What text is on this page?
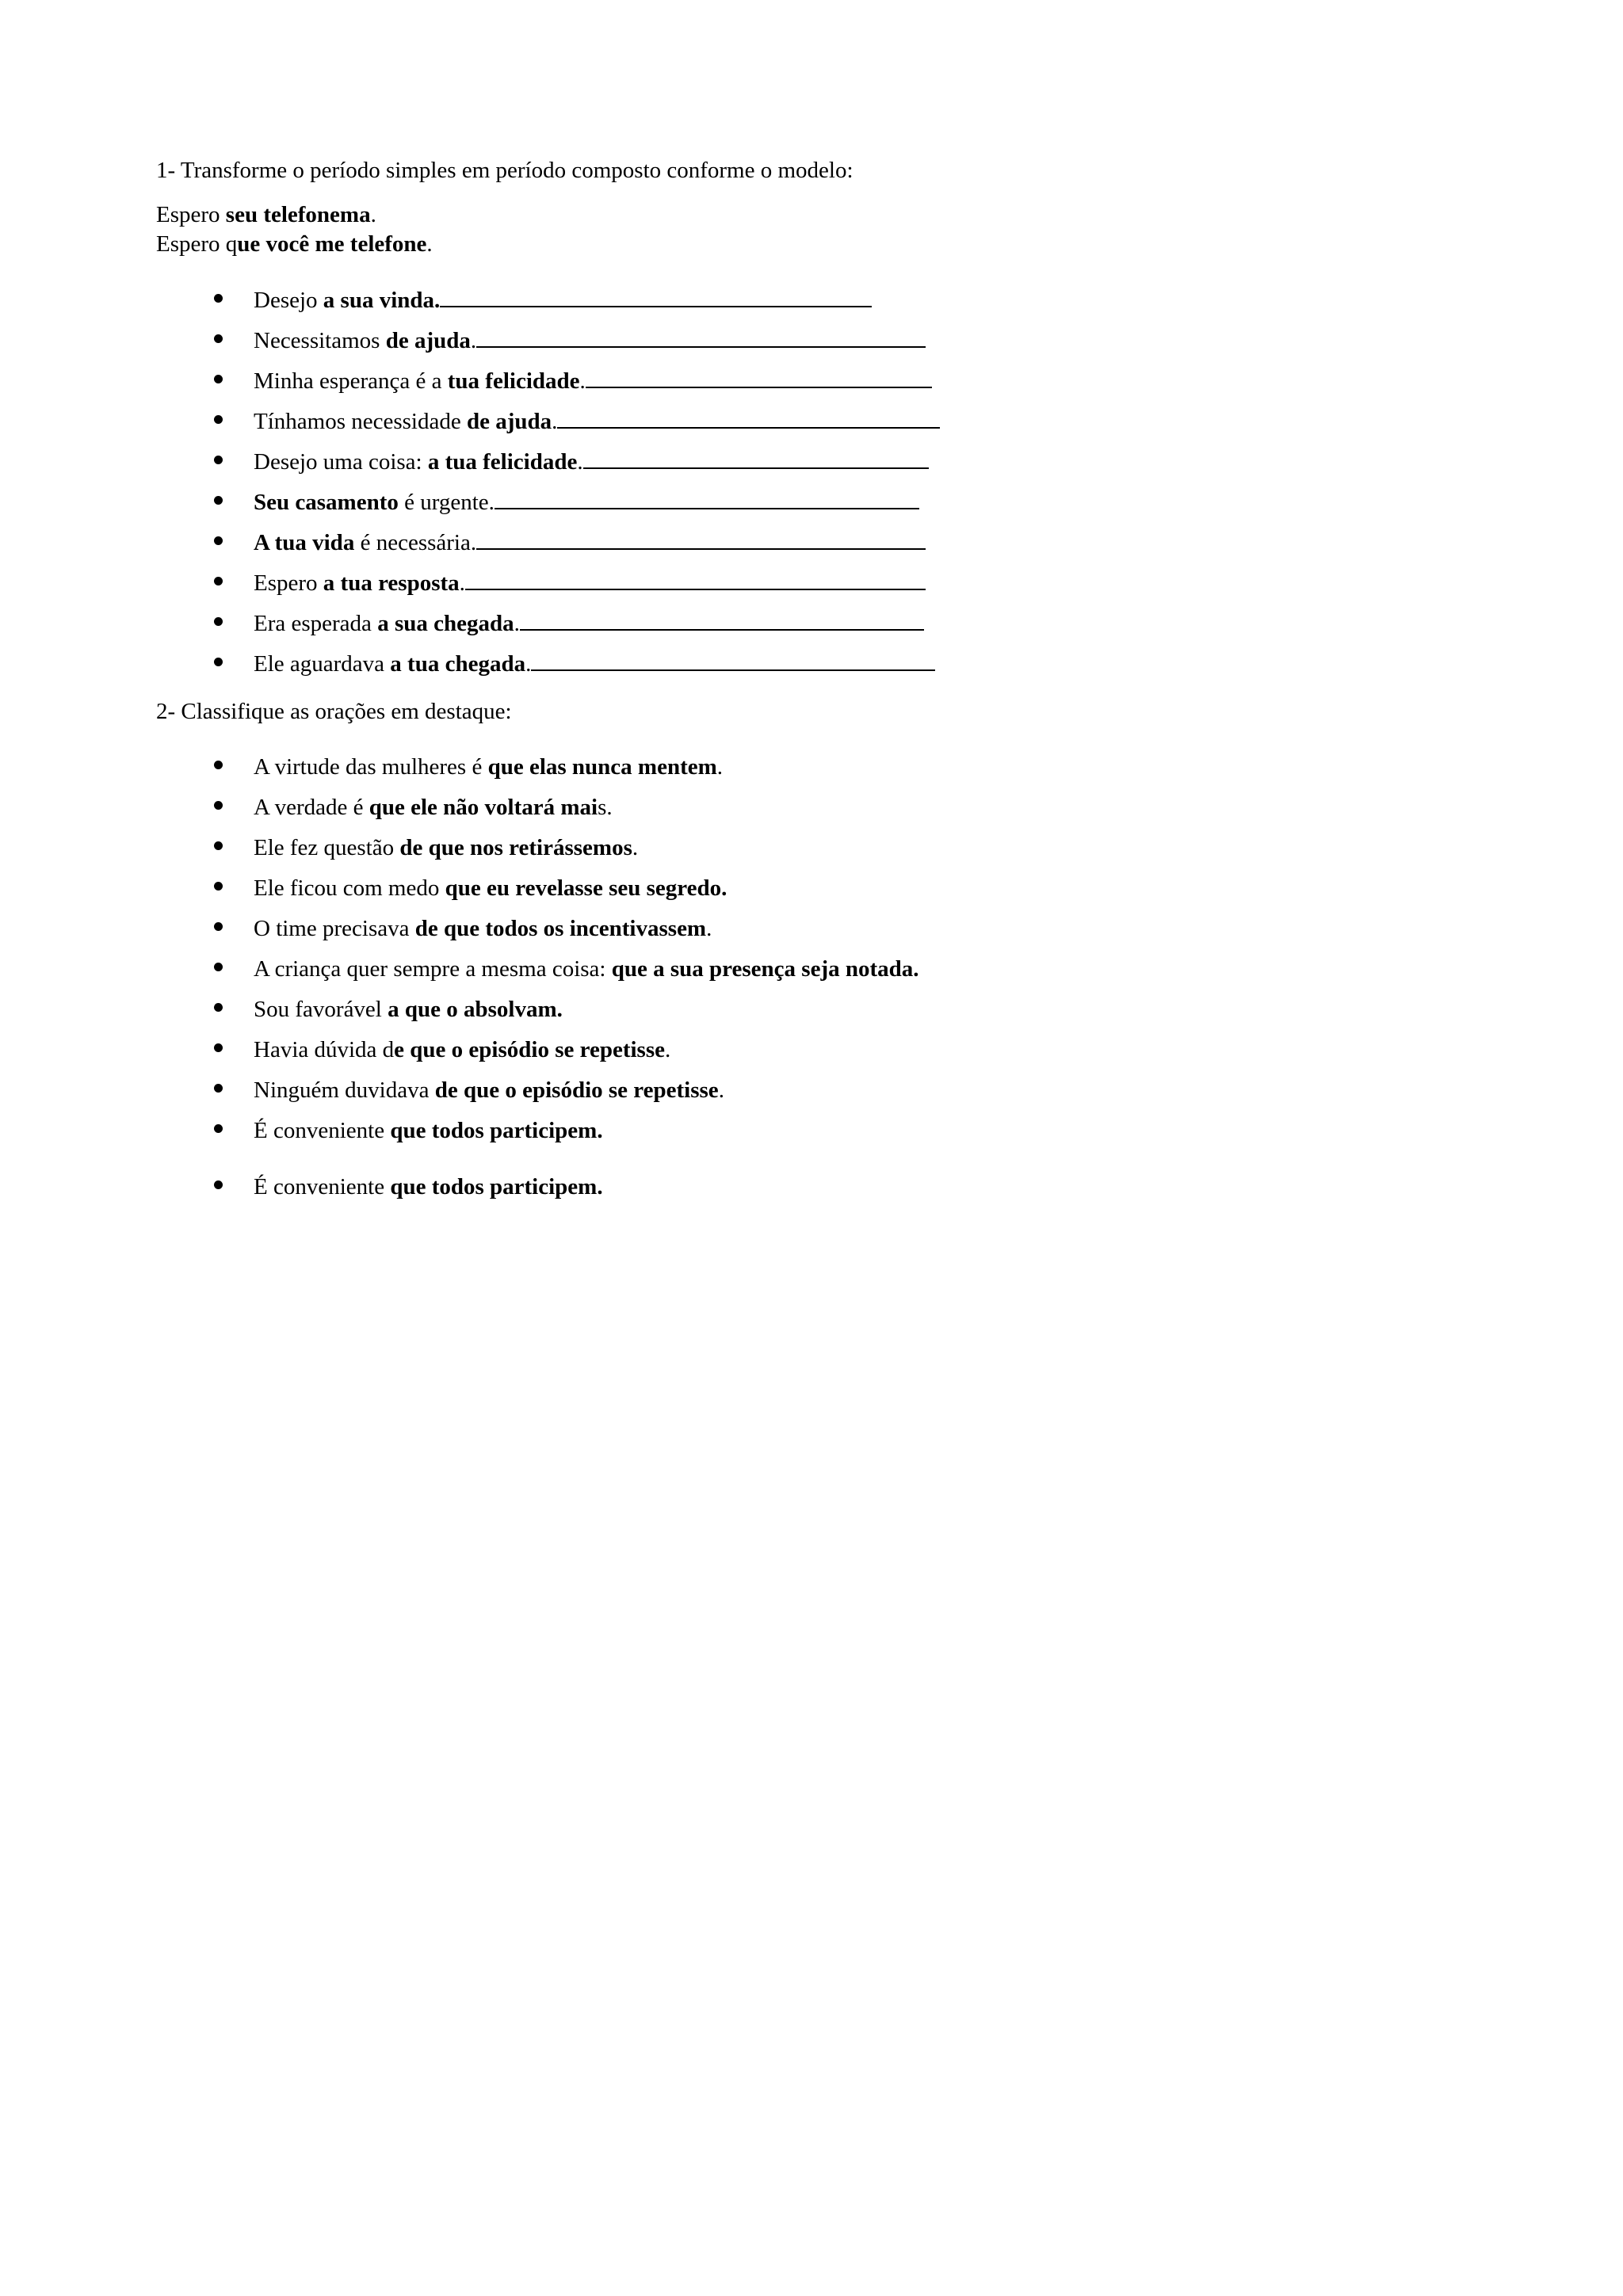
1- Transforme o período simples em período composto conforme o modelo:
Espero seu telefonema.
Espero que você me telefone.
Desejo a sua vinda.
Necessitamos de ajuda.
Minha esperança é a tua felicidade.
Tínhamos necessidade de ajuda.
Desejo uma coisa: a tua felicidade.
Seu casamento é urgente.
A tua vida é necessária.
Espero a tua resposta.
Era esperada a sua chegada.
Ele aguardava a tua chegada.
2- Classifique as orações em destaque:
A virtude das mulheres é que elas nunca mentem.
A verdade é que ele não voltará mais.
Ele fez questão de que nos retirássemos.
Ele ficou com medo que eu revelasse seu segredo.
O time precisava de que todos os incentivassem.
A criança quer sempre a mesma coisa: que a sua presença seja notada.
Sou favorável a que o absolvam.
Havia dúvida de que o episódio se repetisse.
Ninguém duvidava de que o episódio se repetisse.
É conveniente que todos participem.
É conveniente que todos participem.
